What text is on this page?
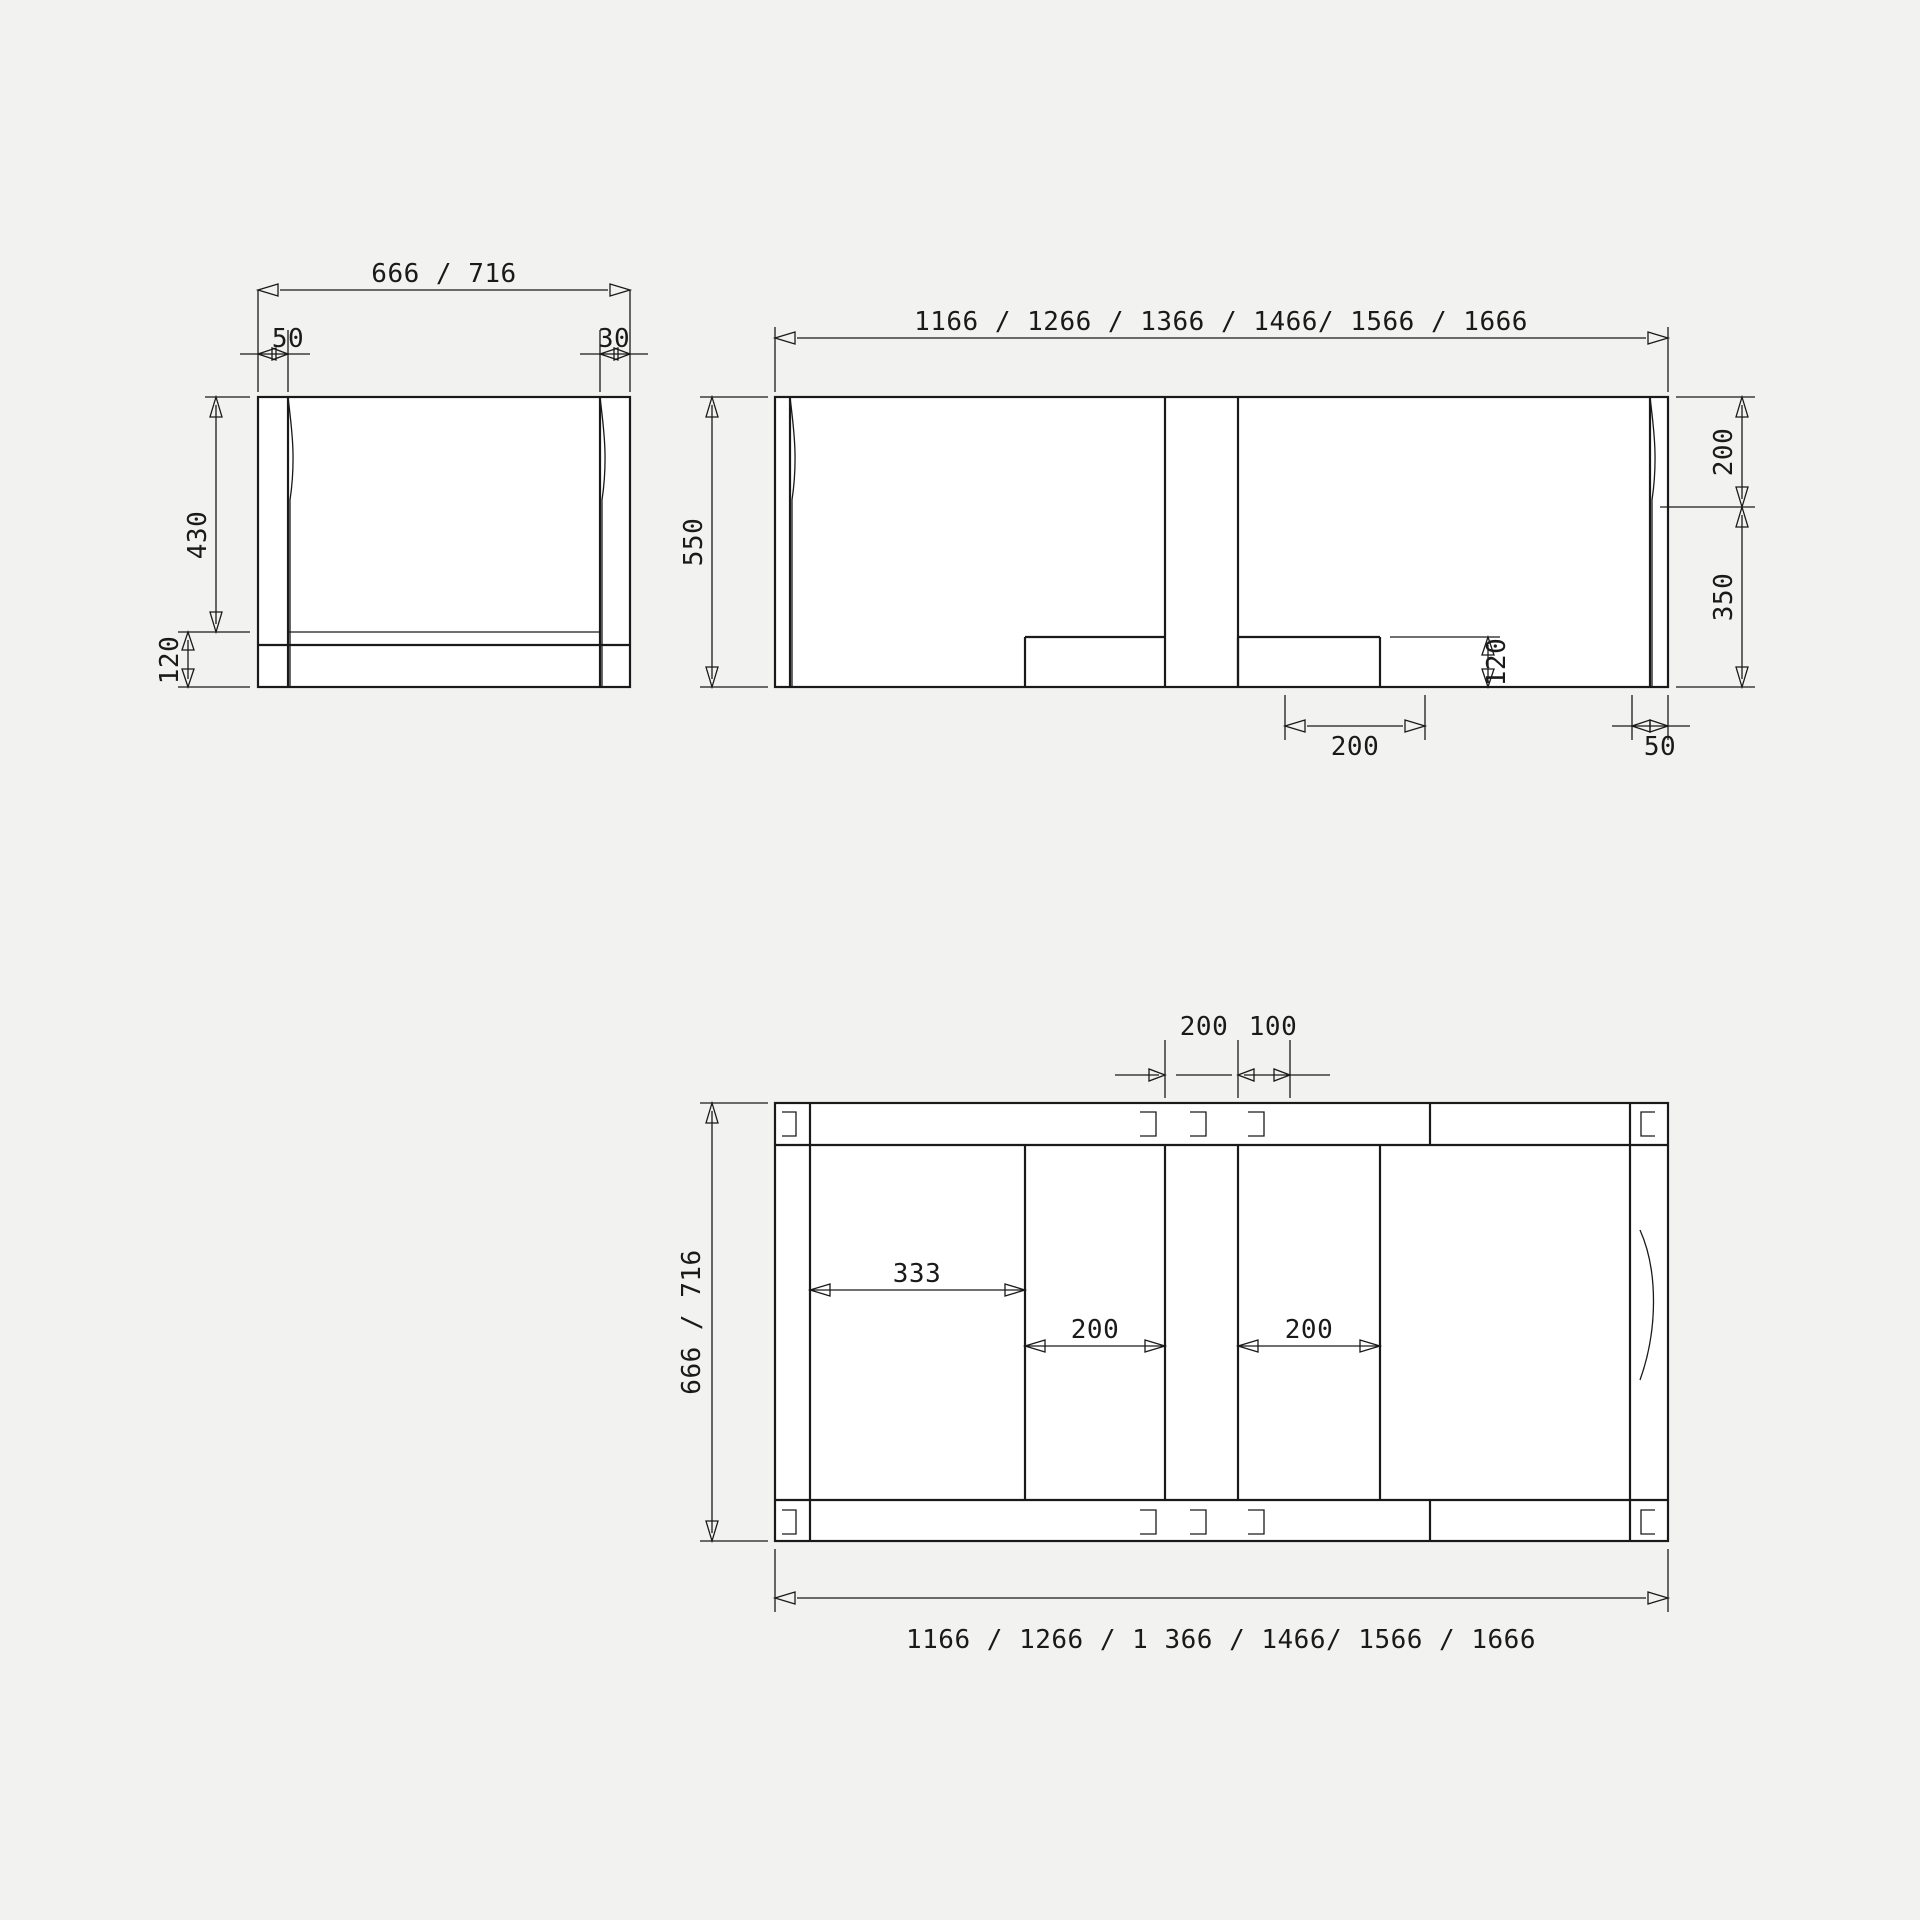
666 / 716
50	30
430
120
1166 / 1266 / 1366 / 1466/ 1566 / 1666
550
200
350
120
200	50
200 100
333
200	200
666 / 716
1166 / 1266 / 1 366 / 1466/ 1566 / 1666
